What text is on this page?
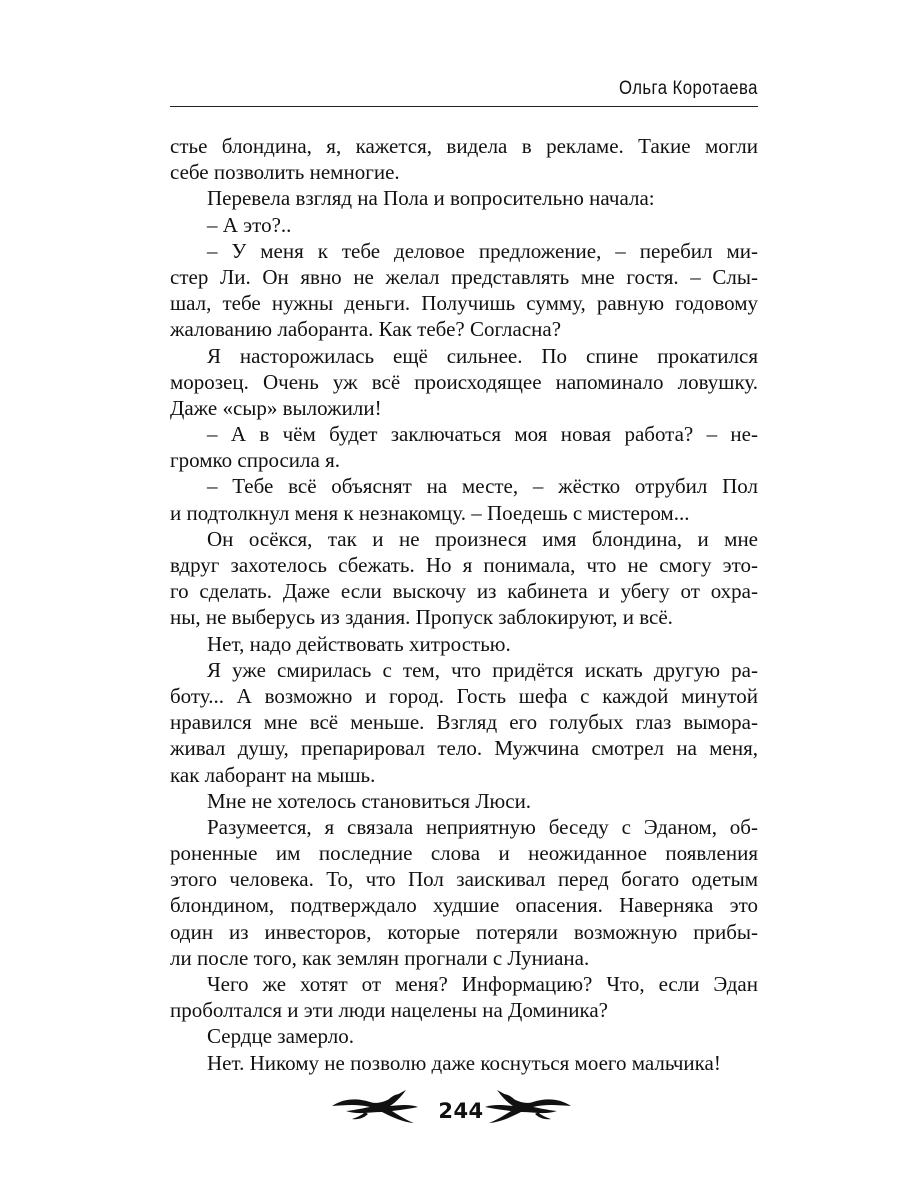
Ольга Коротаева
стье блондина, я, кажется, видела в рекламе. Такие могли
себе позволить немногие.
Перевела взгляд на Пола и вопросительно начала:
– А это?..
– У меня к тебе деловое предложение, – перебил ми-
стер Ли. Он явно не желал представлять мне гостя. – Слы-
шал, тебе нужны деньги. Получишь сумму, равную годовому
жалованию лаборанта. Как тебе? Согласна?
Я насторожилась ещё сильнее. По спине прокатился
морозец. Очень уж всё происходящее напоминало ловушку.
Даже «сыр» выложили!
– А в чём будет заключаться моя новая работа? – не-
громко спросила я.
– Тебе всё объяснят на месте, – жёстко отрубил Пол
и подтолкнул меня к незнакомцу. – Поедешь с мистером...
Он осёкся, так и не произнеся имя блондина, и мне
вдруг захотелось сбежать. Но я понимала, что не смогу это-
го сделать. Даже если выскочу из кабинета и убегу от охра-
ны, не выберусь из здания. Пропуск заблокируют, и всё.
Нет, надо действовать хитростью.
Я уже смирилась с тем, что придётся искать другую ра-
боту... А возможно и город. Гость шефа с каждой минутой
нравился мне всё меньше. Взгляд его голубых глаз вымора-
живал душу, препарировал тело. Мужчина смотрел на меня,
как лаборант на мышь.
Мне не хотелось становиться Люси.
Разумеется, я связала неприятную беседу с Эданом, об-
роненные им последние слова и неожиданное появления
этого человека. То, что Пол заискивал перед богато одетым
блондином, подтверждало худшие опасения. Наверняка это
один из инвесторов, которые потеряли возможную прибы-
ли после того, как землян прогнали с Луниана.
Чего же хотят от меня? Информацию? Что, если Эдан
проболтался и эти люди нацелены на Доминика?
Сердце замерло.
Нет. Никому не позволю даже коснуться моего мальчика!
244
